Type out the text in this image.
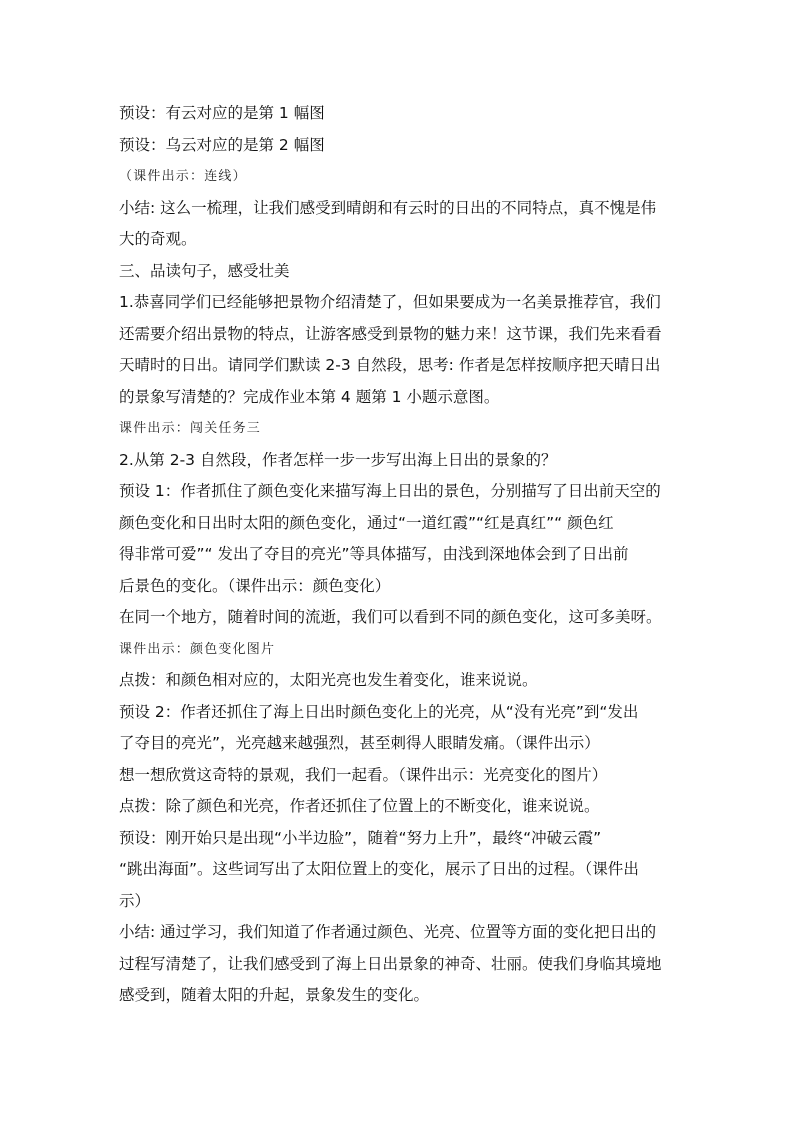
预设：有云对应的是第 1 幅图
预设：乌云对应的是第 2 幅图
（课件出示：连线）
小结: 这么一梳理，让我们感受到晴朗和有云时的日出的不同特点，真不愧是伟
大的奇观。
三、品读句子，感受壮美
1.恭喜同学们已经能够把景物介绍清楚了，但如果要成为一名美景推荐官，我们
还需要介绍出景物的特点，让游客感受到景物的魅力来！这节课，我们先来看看
天晴时的日出。请同学们默读 2-3 自然段，思考: 作者是怎样按顺序把天晴日出
的景象写清楚的？完成作业本第 4 题第 1 小题示意图。
课件出示：闯关任务三
2.从第 2-3 自然段，作者怎样一步一步写出海上日出的景象的？
预设 1：作者抓住了颜色变化来描写海上日出的景色，分别描写了日出前天空的
颜色变化和日出时太阳的颜色变化，通过“一道红霞”“红是真红”“ 颜色红
得非常可爱”“ 发出了夺目的亮光”等具体描写，由浅到深地体会到了日出前
后景色的变化。（课件出示：颜色变化）
在同一个地方，随着时间的流逝，我们可以看到不同的颜色变化，这可多美呀。
课件出示：颜色变化图片
点拨：和颜色相对应的，太阳光亮也发生着变化，谁来说说。
预设 2：作者还抓住了海上日出时颜色变化上的光亮，从“没有光亮”到“发出
了夺目的亮光”，光亮越来越强烈，甚至刺得人眼睛发痛。（课件出示）
想一想欣赏这奇特的景观，我们一起看。（课件出示：光亮变化的图片）
点拨：除了颜色和光亮，作者还抓住了位置上的不断变化，谁来说说。
预设：刚开始只是出现“小半边脸”，随着“努力上升”，最终“冲破云霞”
“跳出海面”。这些词写出了太阳位置上的变化，展示了日出的过程。（课件出
示）
小结: 通过学习，我们知道了作者通过颜色、光亮、位置等方面的变化把日出的
过程写清楚了，让我们感受到了海上日出景象的神奇、壮丽。使我们身临其境地
感受到，随着太阳的升起，景象发生的变化。
